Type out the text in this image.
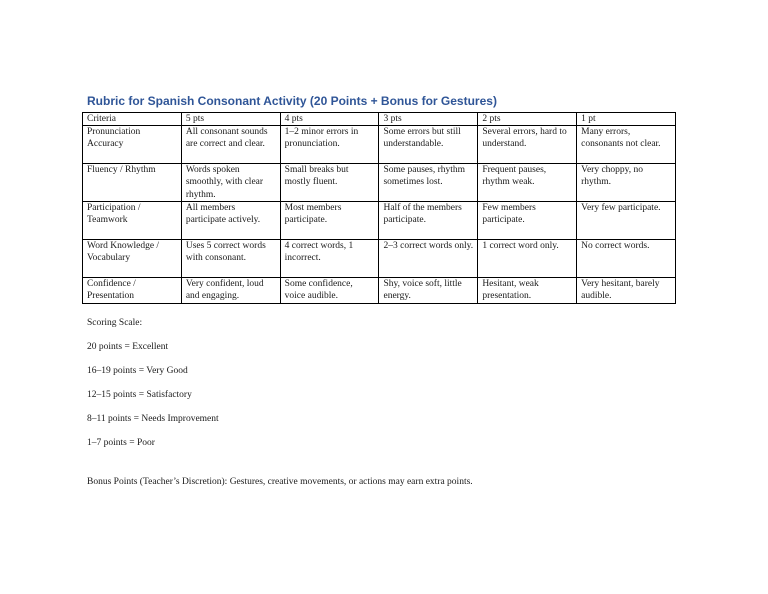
Rubric for Spanish Consonant Activity (20 Points + Bonus for Gestures)
Criteria	5 pts	4 pts	3 pts	2 pts	1 pt
Pronunciation Accuracy	All consonant sounds are correct and clear.	1–2 minor errors in pronunciation.	Some errors but still understandable.	Several errors, hard to understand.	Many errors, consonants not clear.
Fluency / Rhythm	Words spoken smoothly, with clear rhythm.	Small breaks but mostly fluent.	Some pauses, rhythm sometimes lost.	Frequent pauses, rhythm weak.	Very choppy, no rhythm.
Participation / Teamwork	All members participate actively.	Most members participate.	Half of the members participate.	Few members participate.	Very few participate.
Word Knowledge / Vocabulary	Uses 5 correct words with consonant.	4 correct words, 1 incorrect.	2–3 correct words only.	1 correct word only.	No correct words.
Confidence / Presentation	Very confident, loud and engaging.	Some confidence, voice audible.	Shy, voice soft, little energy.	Hesitant, weak presentation.	Very hesitant, barely audible.
Scoring Scale:
20 points = Excellent
16–19 points = Very Good
12–15 points = Satisfactory
8–11 points = Needs Improvement
1–7 points = Poor
Bonus Points (Teacher’s Discretion): Gestures, creative movements, or actions may earn extra points.
